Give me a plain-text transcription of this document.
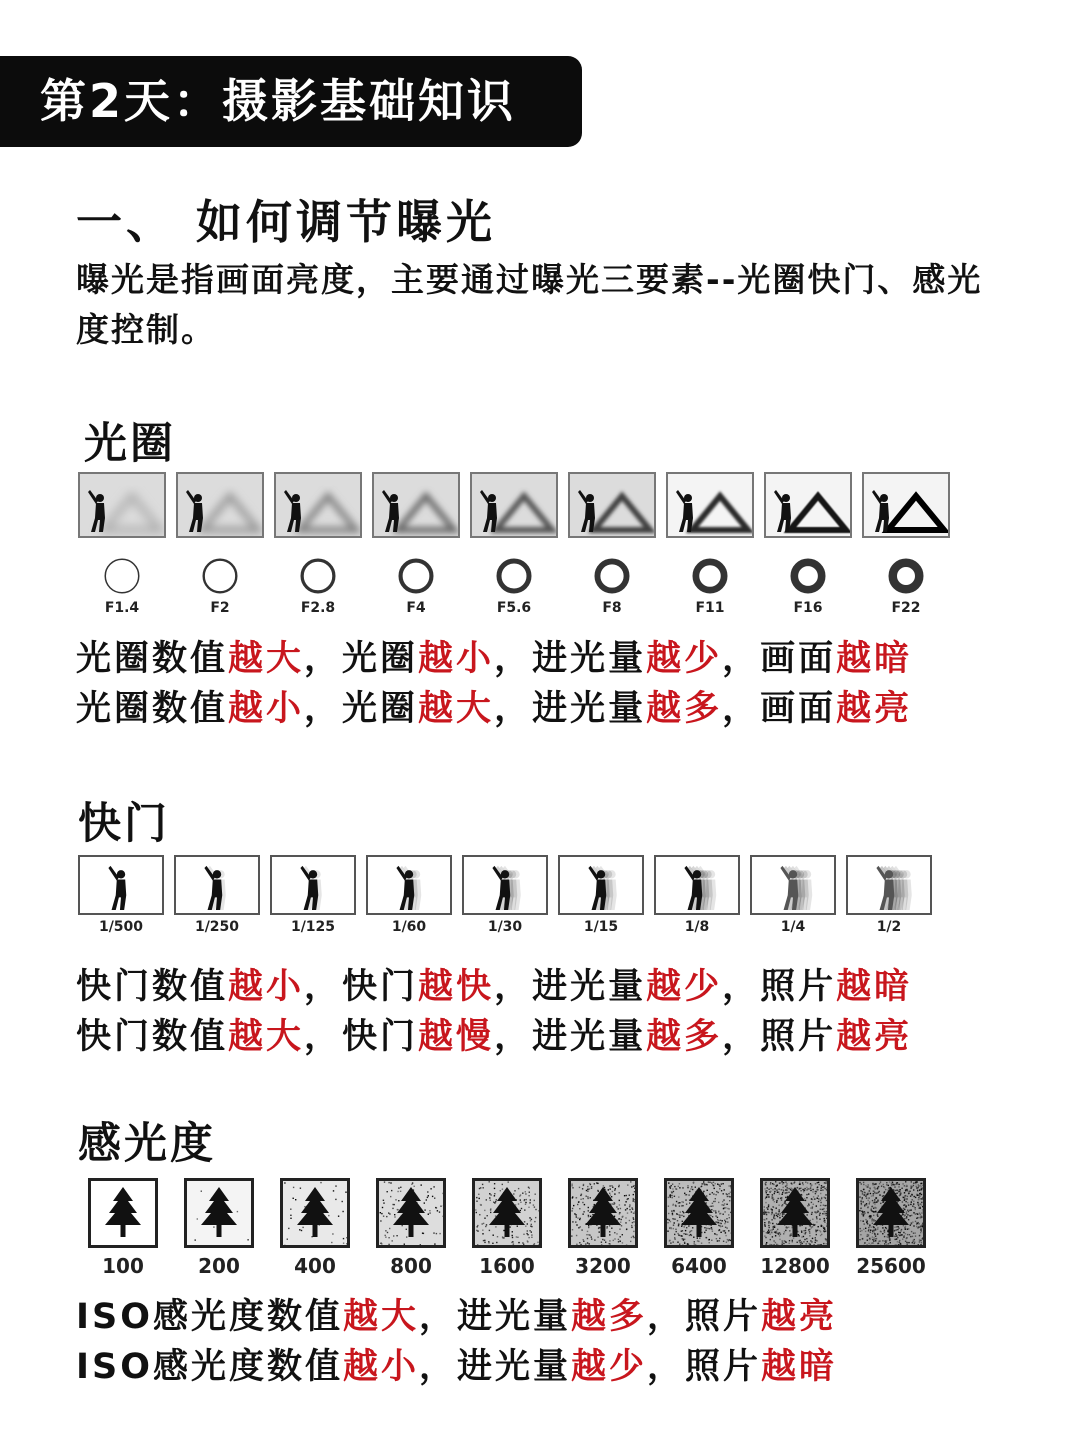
第2天：摄影基础知识
一、 如何调节曝光
曝光是指画面亮度，主要通过曝光三要素--光圈快门、感光度控制。
光圈
F1.4	F2	F2.8	F4	F5.6	F8	F11	F16	F22
光圈数值越大，光圈越小，进光量越少，画面越暗
光圈数值越小，光圈越大，进光量越多，画面越亮
快门
1/500	1/250	1/125	1/60	1/30	1/15	1/8	1/4	1/2
快门数值越小，快门越快，进光量越少，照片越暗
快门数值越大，快门越慢，进光量越多，照片越亮
感光度
100	200	400	800 1600 3200 6400 12800 25600
ISO感光度数值越大，进光量越多，照片越亮
ISO感光度数值越小，进光量越少，照片越暗
